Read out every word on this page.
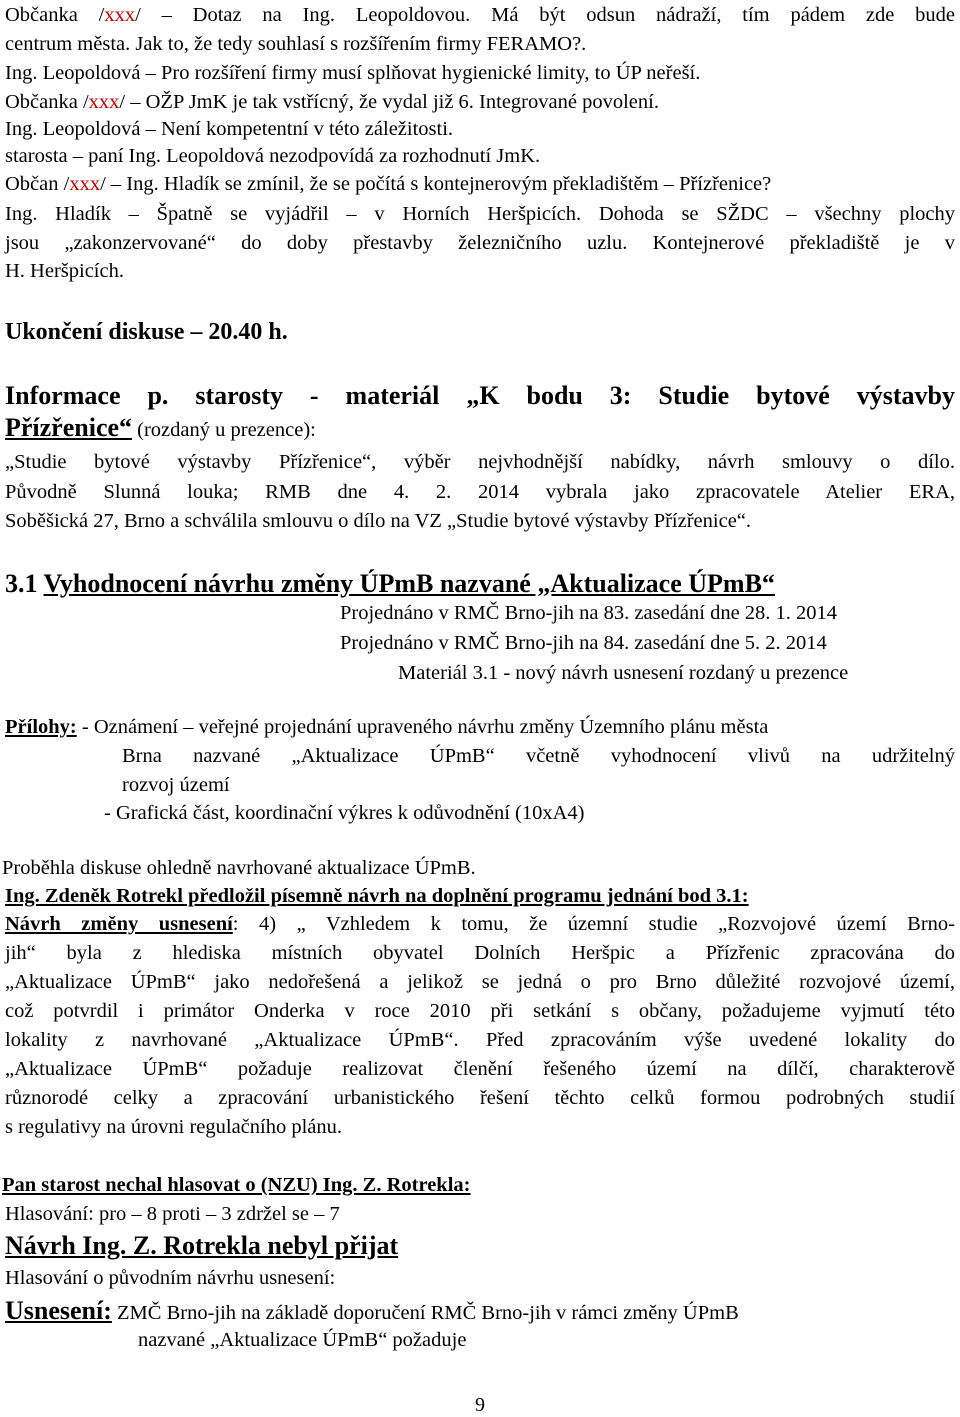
Občanka /xxx/ – Dotaz na Ing. Leopoldovou. Má být odsun nádraží, tím pádem zde bude
centrum města. Jak to, že tedy souhlasí s rozšířením firmy FERAMO?.
Ing. Leopoldová – Pro rozšíření firmy musí splňovat hygienické limity, to ÚP neřeší.
Občanka /xxx/ – OŽP JmK je tak vstřícný, že vydal již 6. Integrované povolení.
Ing. Leopoldová – Není kompetentní v této záležitosti.
starosta – paní Ing. Leopoldová nezodpovídá za rozhodnutí JmK.
Občan /xxx/ – Ing. Hladík se zmínil, že se počítá s kontejnerovým překladištěm – Přízřenice?
Ing. Hladík – Špatně se vyjádřil – v Horních Heršpicích. Dohoda se SŽDC – všechny plochy
jsou „zakonzervované“ do doby přestavby železničního uzlu. Kontejnerové překladiště je v
H. Heršpicích.
Ukončení diskuse – 20.40 h.
Informace p. starosty - materiál „K bodu 3: Studie bytové výstavby
Přízřenice“ (rozdaný u prezence):
„Studie bytové výstavby Přízřenice“, výběr nejvhodnější nabídky, návrh smlouvy o dílo.
Původně Slunná louka; RMB dne 4. 2. 2014 vybrala jako zpracovatele Atelier ERA,
Soběšická 27, Brno a schválila smlouvu o dílo na VZ „Studie bytové výstavby Přízřenice“.
3.1 Vyhodnocení návrhu změny ÚPmB nazvané „Aktualizace ÚPmB“
Projednáno v RMČ Brno-jih na 83. zasedání dne 28. 1. 2014
Projednáno v RMČ Brno-jih na 84. zasedání dne 5. 2. 2014
Materiál 3.1 - nový návrh usnesení rozdaný u prezence
Přílohy: - Oznámení – veřejné projednání upraveného návrhu změny Územního plánu města
Brna nazvané „Aktualizace ÚPmB“ včetně vyhodnocení vlivů na udržitelný
rozvoj území
- Grafická část, koordinační výkres k odůvodnění (10xA4)
Proběhla diskuse ohledně navrhované aktualizace ÚPmB.
Ing. Zdeněk Rotrekl předložil písemně návrh na doplnění programu jednání bod 3.1:
Návrh změny usnesení: 4) „ Vzhledem k tomu, že územní studie „Rozvojové území Brno-
jih“ byla z hlediska místních obyvatel Dolních Heršpic a Přízřenic zpracována do
„Aktualizace ÚPmB“ jako nedořešená a jelikož se jedná o pro Brno důležité rozvojové území,
což potvrdil i primátor Onderka v roce 2010 při setkání s občany, požadujeme vyjmutí této
lokality z navrhované „Aktualizace ÚPmB“. Před zpracováním výše uvedené lokality do
„Aktualizace ÚPmB“ požaduje realizovat členění řešeného území na dílčí, charakterově
různorodé celky a zpracování urbanistického řešení těchto celků formou podrobných studií
s regulativy na úrovni regulačního plánu.
Pan starost nechal hlasovat o (NZU) Ing. Z. Rotrekla:
Hlasování: pro – 8 proti – 3 zdržel se – 7
Návrh Ing. Z. Rotrekla nebyl přijat
Hlasování o původním návrhu usnesení:
Usnesení: ZMČ Brno-jih na základě doporučení RMČ Brno-jih v rámci změny ÚPmB
nazvané „Aktualizace ÚPmB“ požaduje
9
